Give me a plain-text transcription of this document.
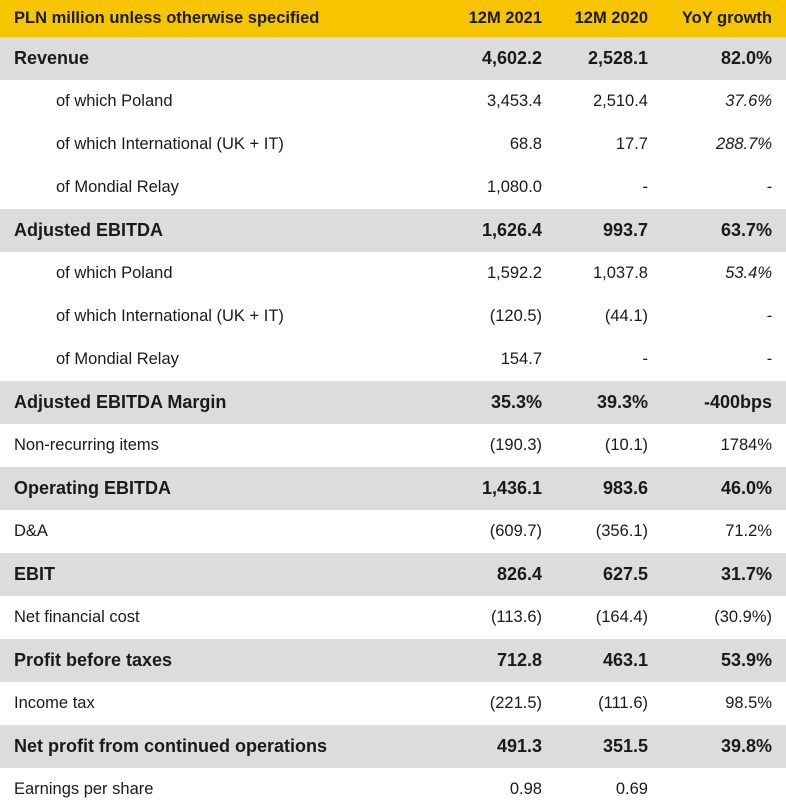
PLN million unless otherwise specified	12M 2021	12M 2020	YoY growth
Revenue	4,602.2	2,528.1	82.0%
of which Poland	3,453.4	2,510.4	37.6%
of which International (UK + IT)	68.8	17.7	288.7%
of Mondial Relay	1,080.0	-	-
Adjusted EBITDA	1,626.4	993.7	63.7%
of which Poland	1,592.2	1,037.8	53.4%
of which International (UK + IT)	(120.5)	(44.1)	-
of Mondial Relay	154.7	-	-
Adjusted EBITDA Margin	35.3%	39.3%	-400bps
Non-recurring items	(190.3)	(10.1)	1784%
Operating EBITDA	1,436.1	983.6	46.0%
D&A	(609.7)	(356.1)	71.2%
EBIT	826.4	627.5	31.7%
Net financial cost	(113.6)	(164.4)	(30.9%)
Profit before taxes	712.8	463.1	53.9%
Income tax	(221.5)	(111.6)	98.5%
Net profit from continued operations	491.3	351.5	39.8%
Earnings per share	0.98	0.69	
